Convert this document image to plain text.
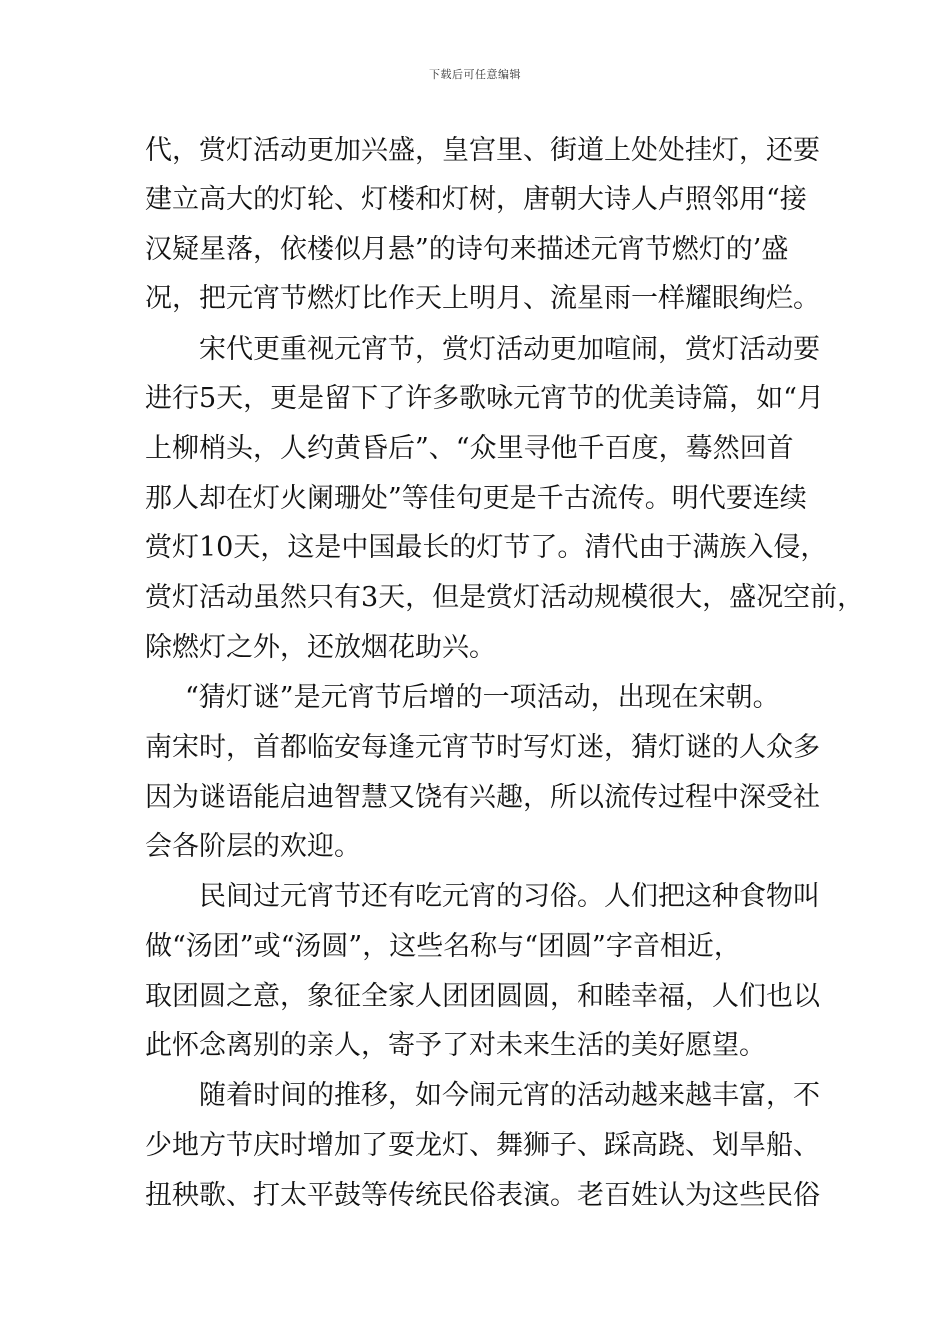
下载后可任意编辑
代，赏灯活动更加兴盛，皇宫里、街道上处处挂灯，还要
建立高大的灯轮、灯楼和灯树，唐朝大诗人卢照邻用“接
汉疑星落，依楼似月悬”的诗句来描述元宵节燃灯的’盛
况，把元宵节燃灯比作天上明月、流星雨一样耀眼绚烂。
宋代更重视元宵节，赏灯活动更加喧闹，赏灯活动要
进行5天，更是留下了许多歌咏元宵节的优美诗篇，如“月
上柳梢头，人约黄昏后”、“众里寻他千百度，蓦然回首
那人却在灯火阑珊处”等佳句更是千古流传。明代要连续
赏灯10天，这是中国最长的灯节了。清代由于满族入侵，
赏灯活动虽然只有3天，但是赏灯活动规模很大，盛况空前，
除燃灯之外，还放烟花助兴。
“猜灯谜”是元宵节后增的一项活动，出现在宋朝。
南宋时，首都临安每逢元宵节时写灯迷，猜灯谜的人众多
因为谜语能启迪智慧又饶有兴趣，所以流传过程中深受社
会各阶层的欢迎。
民间过元宵节还有吃元宵的习俗。人们把这种食物叫
做“汤团”或“汤圆”，这些名称与“团圆”字音相近，
取团圆之意，象征全家人团团圆圆，和睦幸福，人们也以
此怀念离别的亲人，寄予了对未来生活的美好愿望。
随着时间的推移，如今闹元宵的活动越来越丰富，不
少地方节庆时增加了耍龙灯、舞狮子、踩高跷、划旱船、
扭秧歌、打太平鼓等传统民俗表演。老百姓认为这些民俗
